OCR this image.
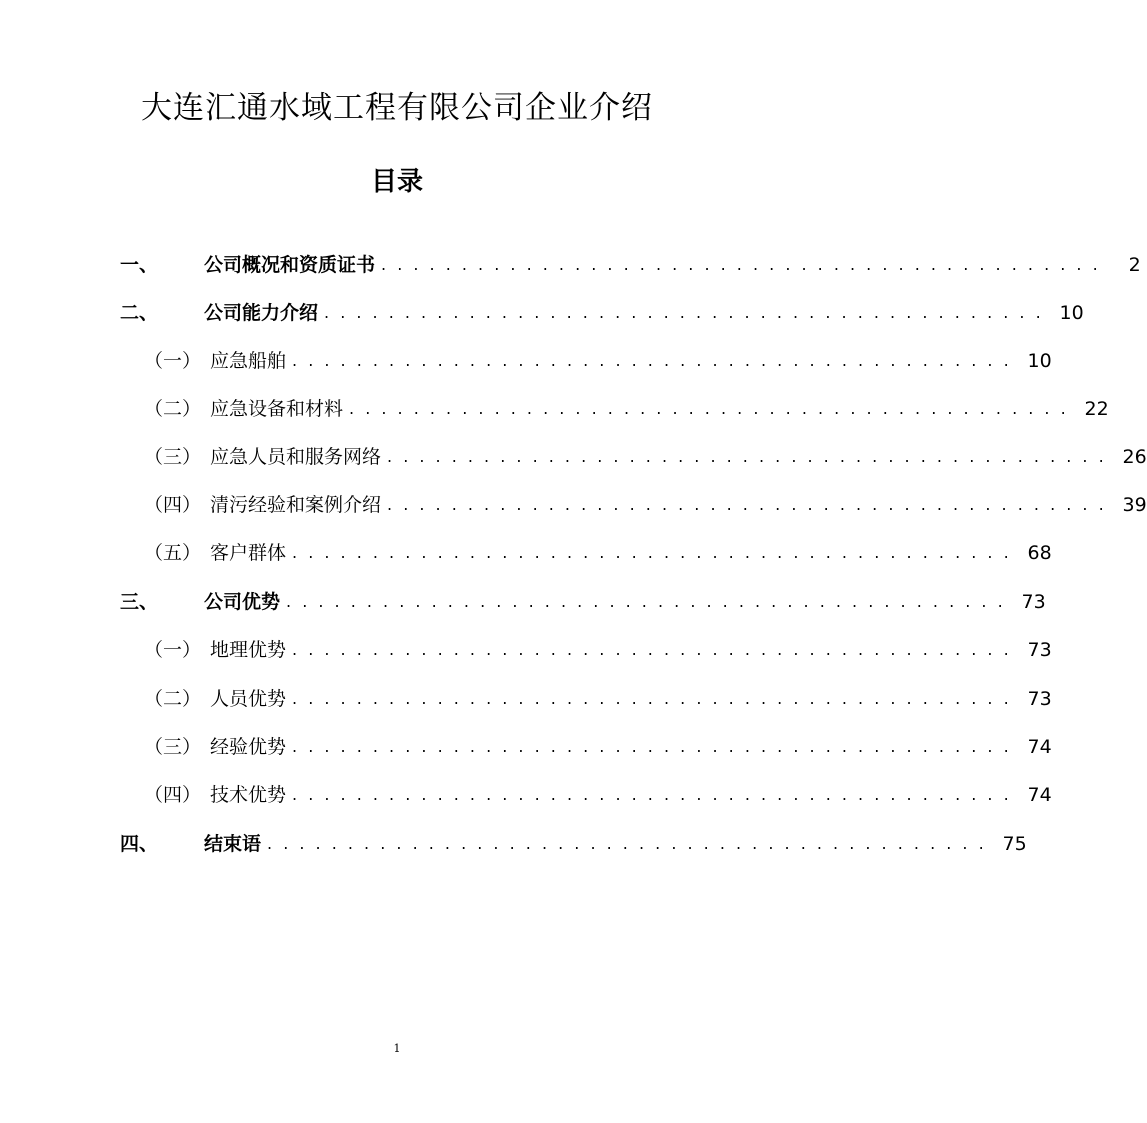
大连汇通水域工程有限公司企业介绍
目录
一、	公司概况和资质证书 . . . . . . . . . . . . . . . . . . . . . . . . . . . . . . . . . . . . . . . . . . . . .	2
二、	公司能力介绍 . . . . . . . . . . . . . . . . . . . . . . . . . . . . . . . . . . . . . . . . . . . . . 10
（一） 应急船舶 . . . . . . . . . . . . . . . . . . . . . . . . . . . . . . . . . . . . . . . . . . . . . 10
（二） 应急设备和材料 . . . . . . . . . . . . . . . . . . . . . . . . . . . . . . . . . . . . . . . . . . . . . 22
（三） 应急人员和服务网络 . . . . . . . . . . . . . . . . . . . . . . . . . . . . . . . . . . . . . . . . . . . . . 26
（四） 清污经验和案例介绍 . . . . . . . . . . . . . . . . . . . . . . . . . . . . . . . . . . . . . . . . . . . . . 39
（五） 客户群体 . . . . . . . . . . . . . . . . . . . . . . . . . . . . . . . . . . . . . . . . . . . . . 68
三、	公司优势 . . . . . . . . . . . . . . . . . . . . . . . . . . . . . . . . . . . . . . . . . . . . . 73
（一） 地理优势 . . . . . . . . . . . . . . . . . . . . . . . . . . . . . . . . . . . . . . . . . . . . . 73
（二） 人员优势 . . . . . . . . . . . . . . . . . . . . . . . . . . . . . . . . . . . . . . . . . . . . . 73
（三） 经验优势 . . . . . . . . . . . . . . . . . . . . . . . . . . . . . . . . . . . . . . . . . . . . . 74
（四） 技术优势 . . . . . . . . . . . . . . . . . . . . . . . . . . . . . . . . . . . . . . . . . . . . . 74
四、	结束语 . . . . . . . . . . . . . . . . . . . . . . . . . . . . . . . . . . . . . . . . . . . . . 75

1
